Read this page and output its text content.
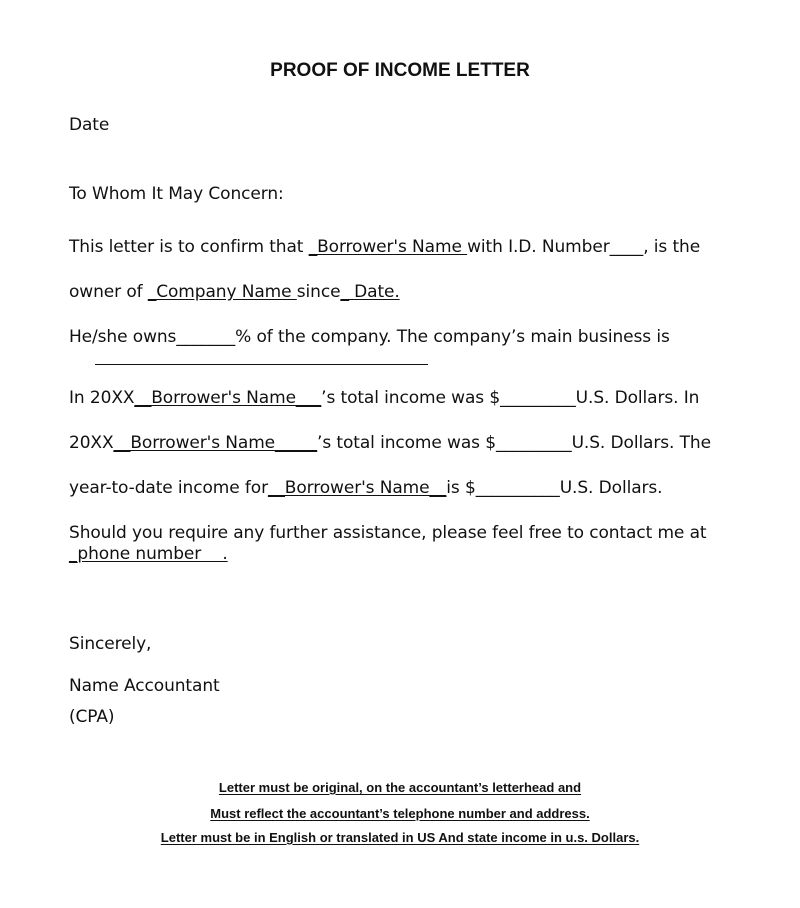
PROOF OF INCOME LETTER
Date
To Whom It May Concern:
This letter is to confirm that _Borrower's Name with I.D. Number____, is the
owner of _Company Name since_ Date.
He/she owns_______% of the company. The company’s main business is
In 20XX__Borrower's Name___’s total income was $_________U.S. Dollars. In
20XX__Borrower's Name_____’s total income was $_________U.S. Dollars. The
year-to-date income for__Borrower's Name__is $__________U.S. Dollars.
Should you require any further assistance, please feel free to contact me at
_phone number    .
Sincerely,
Name Accountant
(CPA)
Letter must be original, on the accountant’s letterhead and
Must reflect the accountant’s telephone number and address.
Letter must be in English or translated in US And state income in u.s. Dollars.
